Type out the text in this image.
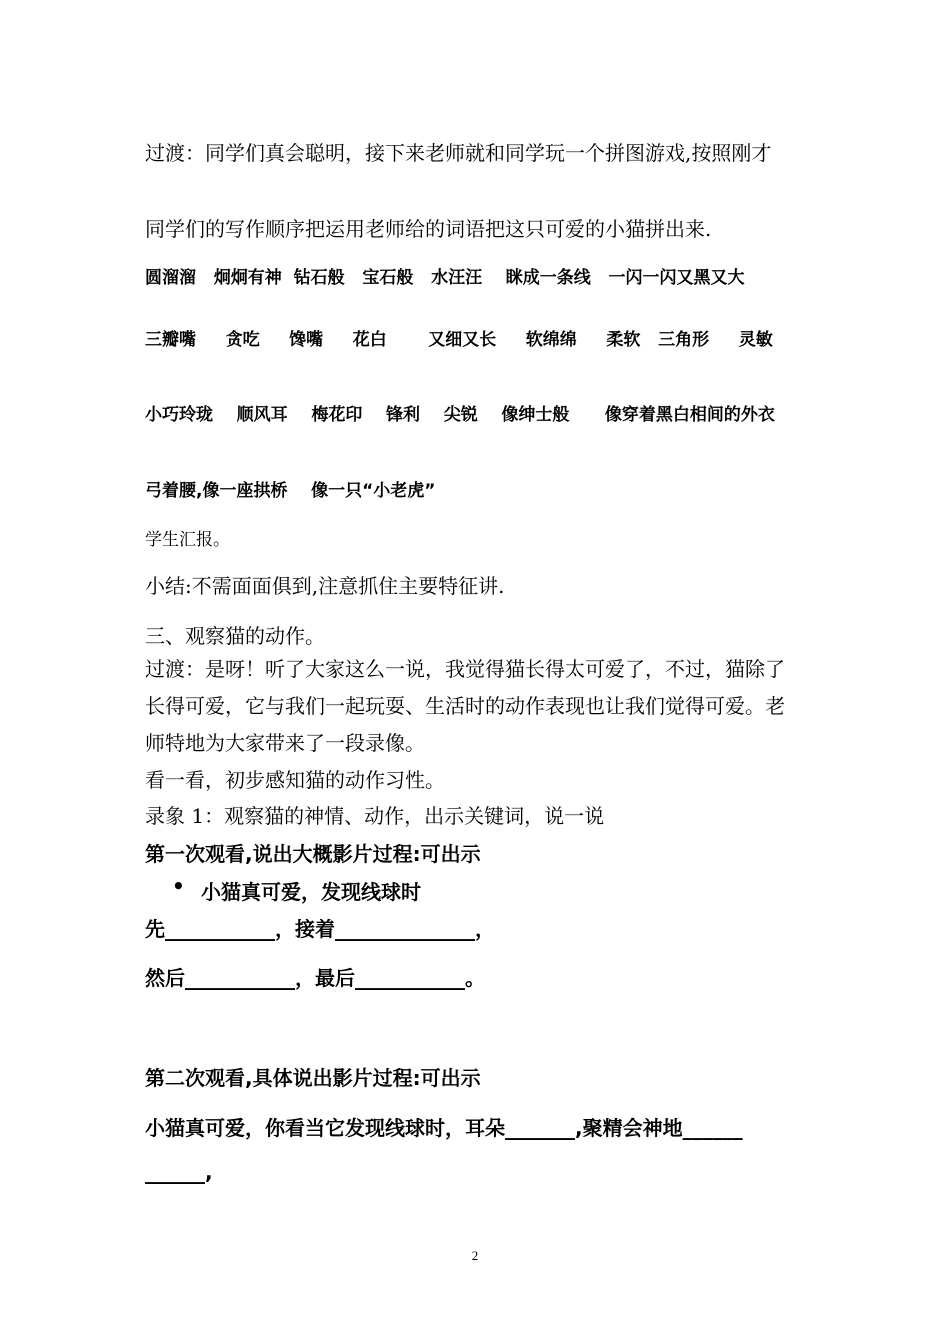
过渡：同学们真会聪明，接下来老师就和同学玩一个拼图游戏,按照刚才
同学们的写作顺序把运用老师给的词语把这只可爱的小猫拼出来.
圆溜溜   炯炯有神  钻石般   宝石般   水汪汪    眯成一条线   一闪一闪又黑又大
三瓣嘴     贪吃     馋嘴     花白       又细又长     软绵绵     柔软   三角形     灵敏
小巧玲珑    顺风耳    梅花印    锋利    尖锐    像绅士般      像穿着黑白相间的外衣
弓着腰,像一座拱桥    像一只“小老虎”
学生汇报。
小结:不需面面俱到,注意抓住主要特征讲.
三、观察猫的动作。
过渡：是呀！听了大家这么一说，我觉得猫长得太可爱了，不过，猫除了
长得可爱，它与我们一起玩耍、生活时的动作表现也让我们觉得可爱。老
师特地为大家带来了一段录像。
看一看，初步感知猫的动作习性。
录象 1：观察猫的神情、动作，出示关键词，说一说
第一次观看,说出大概影片过程:可出示
• 小猫真可爱，发现线球时
先___________，接着______________，
然后___________，最后___________。
第二次观看,具体说出影片过程:可出示
小猫真可爱，你看当它发现线球时，耳朵_______,聚精会神地______
______,
2
